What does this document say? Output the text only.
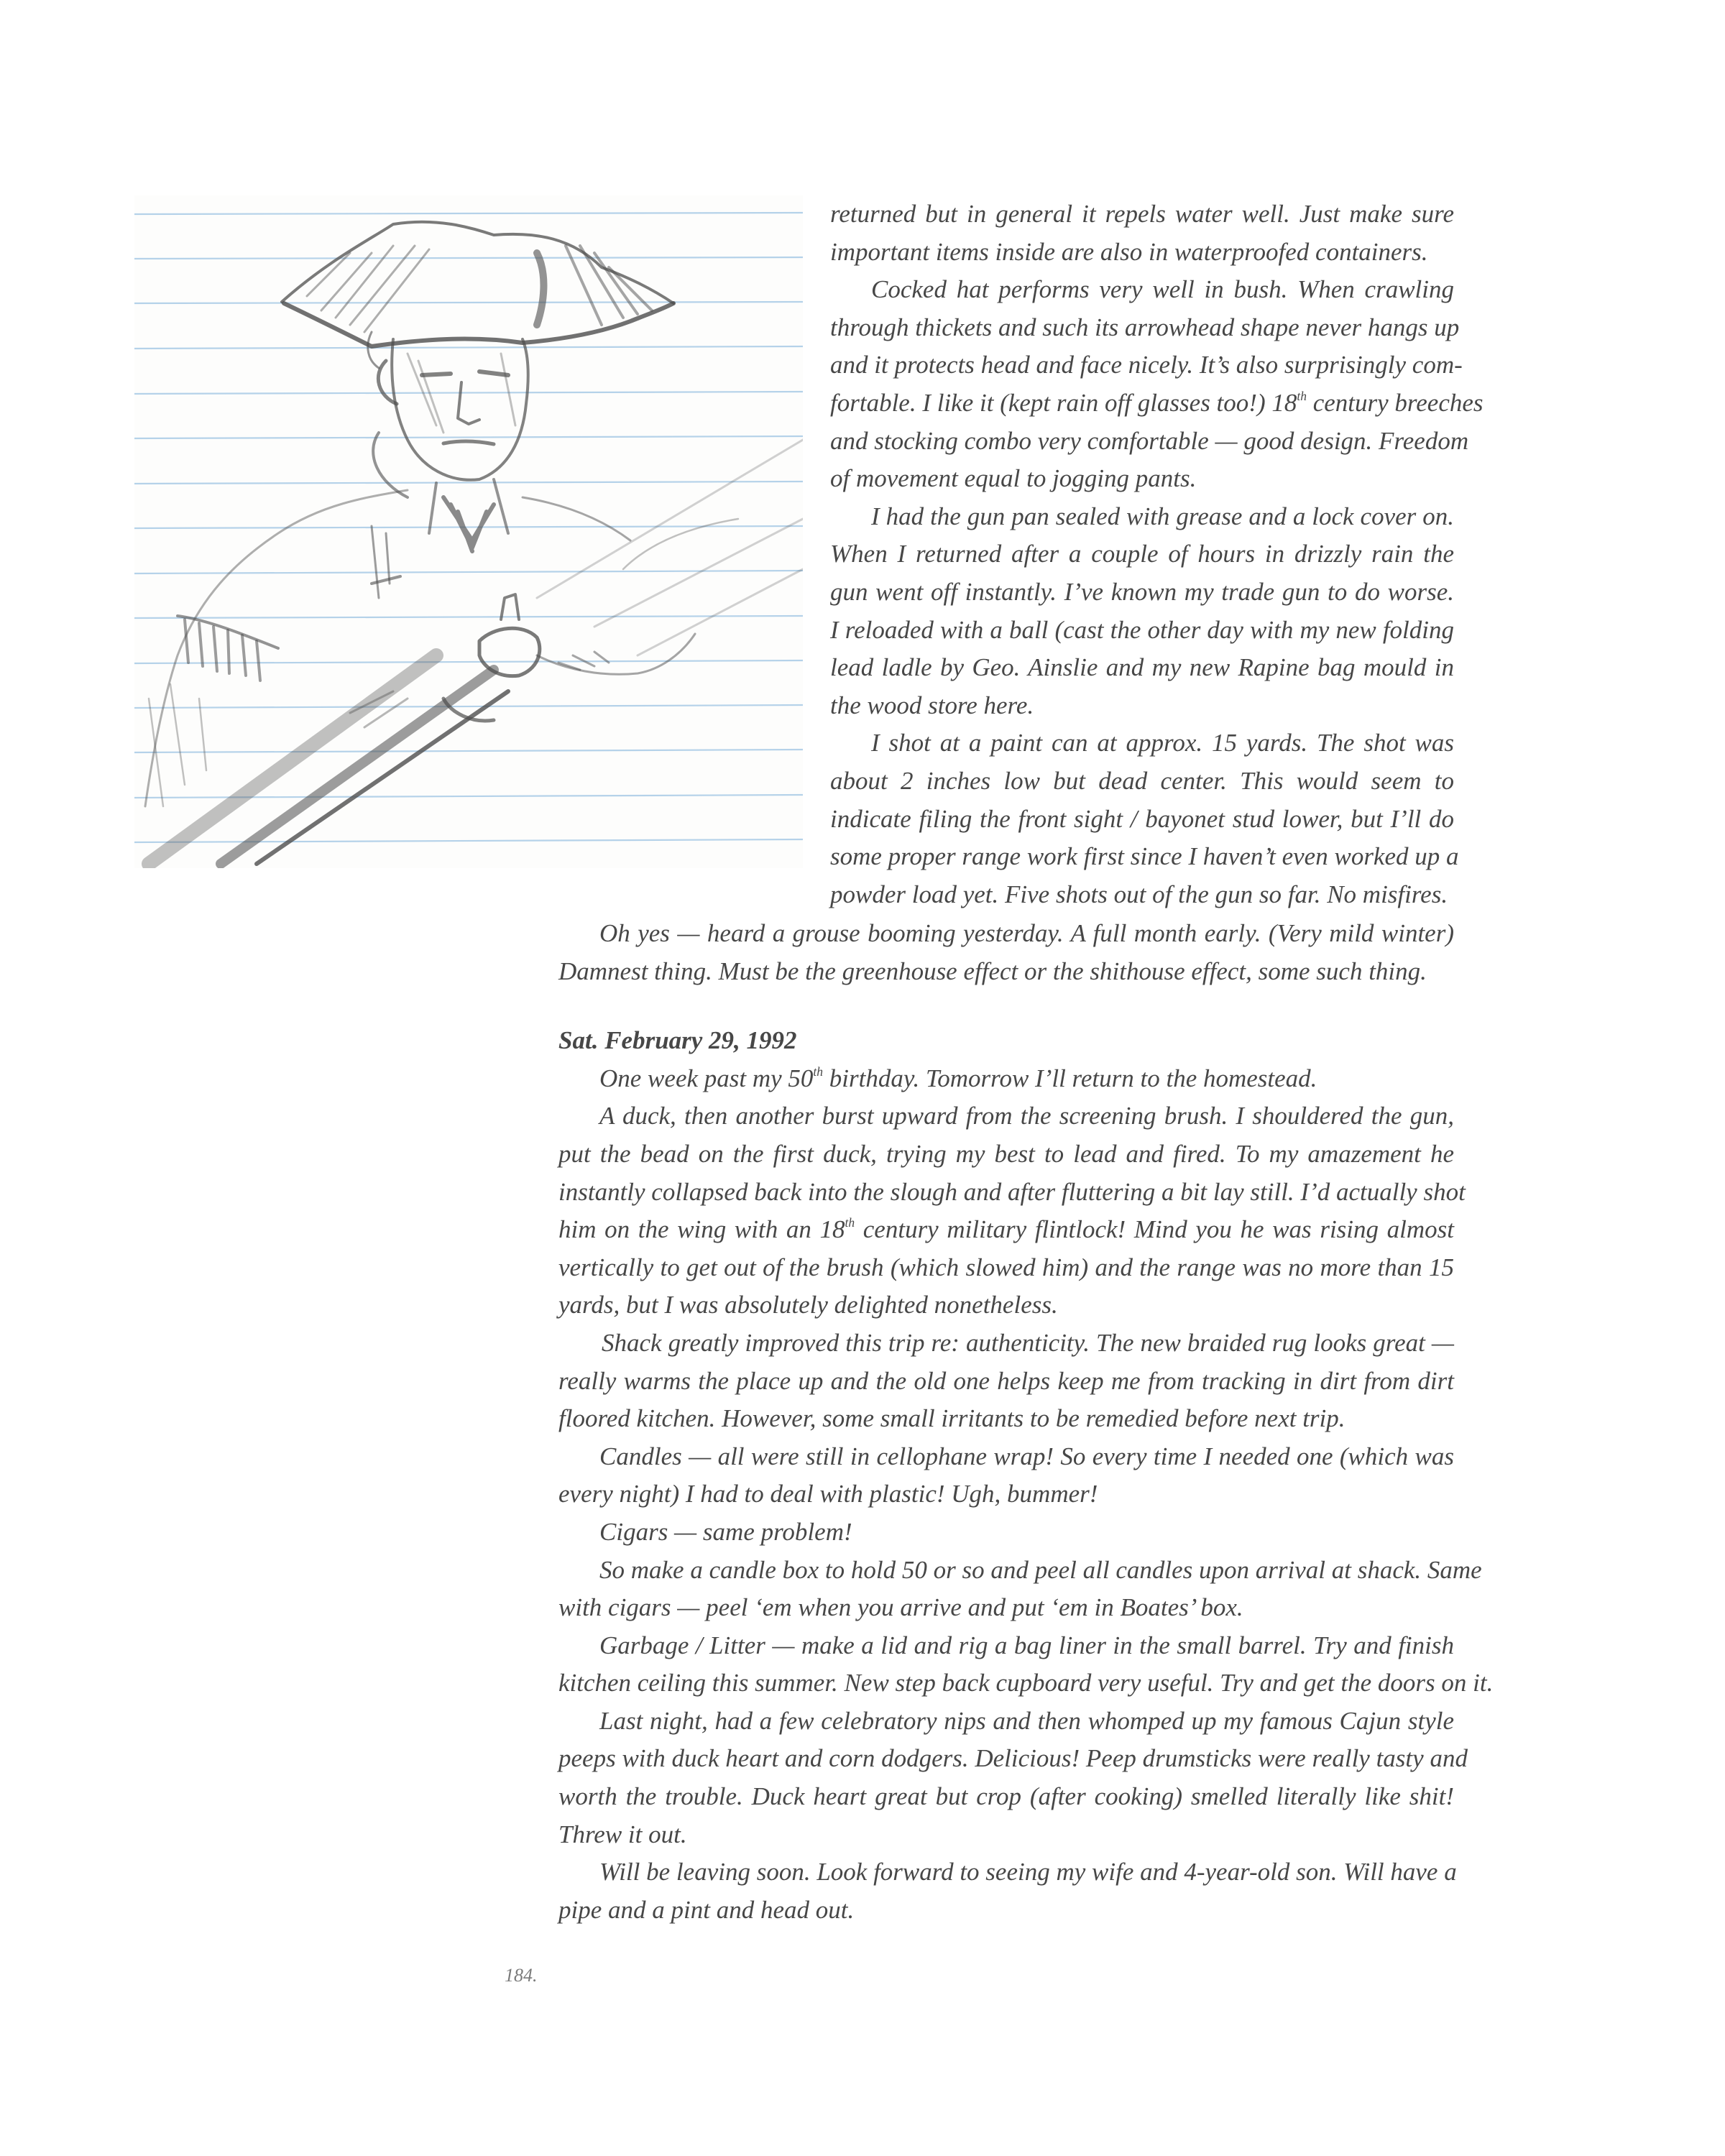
returned but in general it repels water well. Just make sure
important items inside are also in waterproofed containers.
Cocked hat performs very well in bush. When crawling
through thickets and such its arrowhead shape never hangs up
and it protects head and face nicely. It’s also surprisingly com-
fortable. I like it (kept rain off glasses too!) 18th century breeches
and stocking combo very comfortable — good design. Freedom
of movement equal to jogging pants.
I had the gun pan sealed with grease and a lock cover on.
When I returned after a couple of hours in drizzly rain the
gun went off instantly. I’ve known my trade gun to do worse.
I reloaded with a ball (cast the other day with my new folding
lead ladle by Geo. Ainslie and my new Rapine bag mould in
the wood store here.
I shot at a paint can at approx. 15 yards. The shot was
about 2 inches low but dead center. This would seem to
indicate filing the front sight / bayonet stud lower, but I’ll do
some proper range work first since I haven’t even worked up a
powder load yet. Five shots out of the gun so far. No misfires.
Oh yes — heard a grouse booming yesterday. A full month early. (Very mild winter)
Damnest thing. Must be the greenhouse effect or the shithouse effect, some such thing.
Sat. February 29, 1992
One week past my 50th birthday. Tomorrow I’ll return to the homestead.
A duck, then another burst upward from the screening brush. I shouldered the gun,
put the bead on the first duck, trying my best to lead and fired. To my amazement he
instantly collapsed back into the slough and after fluttering a bit lay still. I’d actually shot
him on the wing with an 18th century military flintlock! Mind you he was rising almost
vertically to get out of the brush (which slowed him) and the range was no more than 15
yards, but I was absolutely delighted nonetheless.
Shack greatly improved this trip re: authenticity. The new braided rug looks great —
really warms the place up and the old one helps keep me from tracking in dirt from dirt
floored kitchen. However, some small irritants to be remedied before next trip.
Candles — all were still in cellophane wrap! So every time I needed one (which was
every night) I had to deal with plastic! Ugh, bummer!
Cigars — same problem!
So make a candle box to hold 50 or so and peel all candles upon arrival at shack. Same
with cigars — peel ‘em when you arrive and put ‘em in Boates’ box.
Garbage / Litter — make a lid and rig a bag liner in the small barrel. Try and finish
kitchen ceiling this summer. New step back cupboard very useful. Try and get the doors on it.
Last night, had a few celebratory nips and then whomped up my famous Cajun style
peeps with duck heart and corn dodgers. Delicious! Peep drumsticks were really tasty and
worth the trouble. Duck heart great but crop (after cooking) smelled literally like shit!
Threw it out.
Will be leaving soon. Look forward to seeing my wife and 4-year-old son. Will have a
pipe and a pint and head out.
184.
